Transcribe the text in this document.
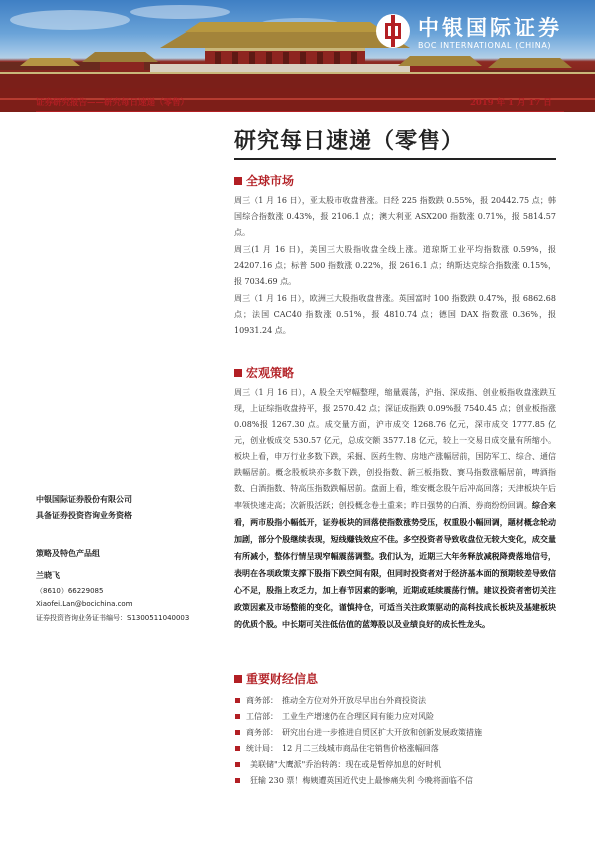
中银国际证券
BOC INTERNATIONAL (CHINA)
证券研究报告——研究每日速递（零售）	2019 年 1 月 17 日
研究每日速递（零售）
全球市场
周三（1 月 16 日），亚太股市收盘普涨。日经 225 指数跌 0.55%，报 20442.75 点；韩国综合指数涨 0.43%，报 2106.1 点；澳大利亚 ASX200 指数涨 0.71%，报 5814.57 点。
周三(1 月 16 日)，美国三大股指收盘全线上涨。道琼斯工业平均指数涨 0.59%，报 24207.16 点；标普 500 指数涨 0.22%，报 2616.1 点；纳斯达克综合指数涨 0.15%，报 7034.69 点。
周三（1 月 16 日），欧洲三大股指收盘普涨。英国富时 100 指数跌 0.47%，报 6862.68 点；法国 CAC40 指数涨 0.51%，报 4810.74 点；德国 DAX 指数涨 0.36%，报 10931.24 点。
宏观策略
周三（1 月 16 日），A 股全天窄幅整理，缩量震荡，沪指、深成指、创业板指收盘涨跌互现，上证综指收盘持平，报 2570.42 点；深证成指跌 0.09%报 7540.45 点；创业板指涨 0.08%报 1267.30 点。成交量方面，沪市成交 1268.76 亿元，深市成交 1777.85 亿元，创业板成交 530.57 亿元，总成交额 3577.18 亿元，较上一交易日成交量有所缩小。板块上看，申万行业多数下跌，采掘、医药生物、房地产涨幅居前，国防军工、综合、通信跌幅居前。概念股板块亦多数下跌，创投指数、新三板指数、赛马指数涨幅居前，啤酒指数、白酒指数、特高压指数跌幅居前。盘面上看，维安概念股午后冲高回落；天津板块午后率领快速走高；次新股活跃；创投概念卷土重来；昨日强势的白酒、券商纷纷回调。综合来看，两市股指小幅低开，证券板块的回落使指数涨势受压，权重股小幅回调，题材概念轮动加剧，部分个股继续表现，短线赚钱效应不佳。多空投资者导致收盘位无较大变化，成交量有所减小，整体行情呈现窄幅震荡调整。我们认为，近期三大年务释放减税降费落地信号，表明在各项政策支撑下股指下跌空间有限，但同时投资者对于经济基本面的预期较差导致信心不足，股指上攻乏力，加上春节因素的影响，近期或延续震荡行情。建议投资者密切关注政策因素及市场整能的变化，谨慎持仓，可适当关注政策驱动的高科技成长板块及基建板块的优质个股。中长期可关注低估值的蓝筹股以及业绩良好的成长性龙头。
中银国际证券股份有限公司
具备证券投资咨询业务资格
策略及特色产品组
兰晓飞
（8610）66229085
Xiaofei.Lan@bocichina.com
证券投资咨询业务证书编号：S1300511040003
重要财经信息
商务部： 推动全方位对外开放尽早出台外商投资法
工信部： 工业生产增速仍在合理区间有能力应对风险
商务部： 研究出台进一步推进自贸区扩大开放和创新发展政策措施
统计局： 12 月二三线城市商品住宅销售价格涨幅回落
美联储"大鹰派"乔治转鸽：现在或是暂停加息的好时机
狂输 230 票！梅姨遭英国近代史上最惨痛失利 今晚将面临不信
